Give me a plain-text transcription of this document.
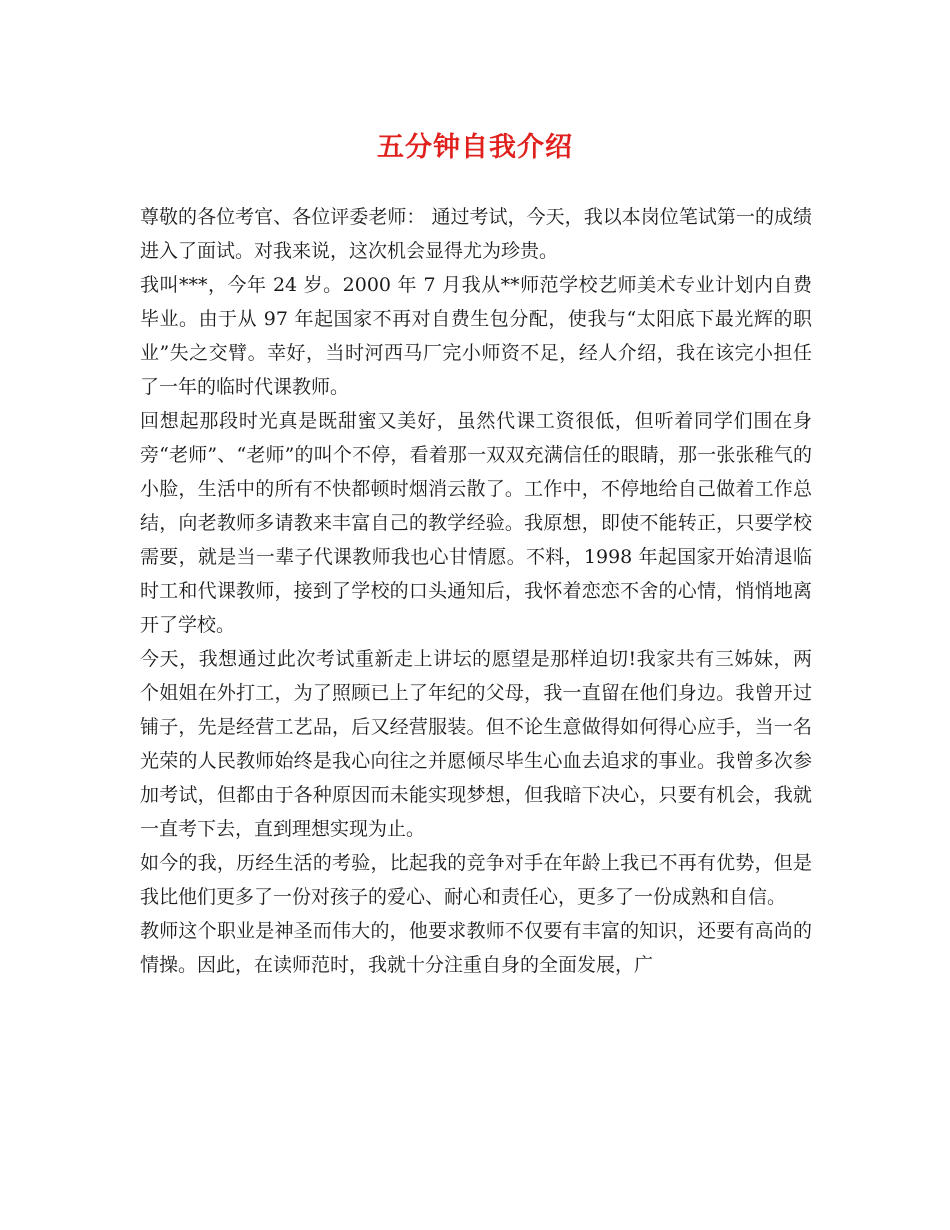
五分钟自我介绍

尊敬的各位考官、各位评委老师： 通过考试，今天，我以本岗位笔试第一的成绩进入了面试。对我来说，这次机会显得尤为珍贵。

我叫***，今年 24 岁。2000 年 7 月我从**师范学校艺师美术专业计划内自费毕业。由于从 97 年起国家不再对自费生包分配，使我与“太阳底下最光辉的职业”失之交臂。幸好，当时河西马厂完小师资不足，经人介绍，我在该完小担任了一年的临时代课教师。

回想起那段时光真是既甜蜜又美好，虽然代课工资很低，但听着同学们围在身旁“老师”、“老师”的叫个不停，看着那一双双充满信任的眼睛，那一张张稚气的小脸，生活中的所有不快都顿时烟消云散了。工作中，不停地给自己做着工作总结，向老教师多请教来丰富自己的教学经验。我原想，即使不能转正，只要学校需要，就是当一辈子代课教师我也心甘情愿。不料，1998 年起国家开始清退临时工和代课教师，接到了学校的口头通知后，我怀着恋恋不舍的心情，悄悄地离开了学校。

今天，我想通过此次考试重新走上讲坛的愿望是那样迫切!我家共有三姊妹，两个姐姐在外打工，为了照顾已上了年纪的父母，我一直留在他们身边。我曾开过铺子，先是经营工艺品，后又经营服装。但不论生意做得如何得心应手，当一名光荣的人民教师始终是我心向往之并愿倾尽毕生心血去追求的事业。我曾多次参加考试，但都由于各种原因而未能实现梦想，但我暗下决心，只要有机会，我就一直考下去，直到理想实现为止。

如今的我，历经生活的考验，比起我的竞争对手在年龄上我已不再有优势，但是我比他们更多了一份对孩子的爱心、耐心和责任心，更多了一份成熟和自信。

教师这个职业是神圣而伟大的，他要求教师不仅要有丰富的知识，还要有高尚的情操。因此，在读师范时，我就十分注重自身的全面发展，广
